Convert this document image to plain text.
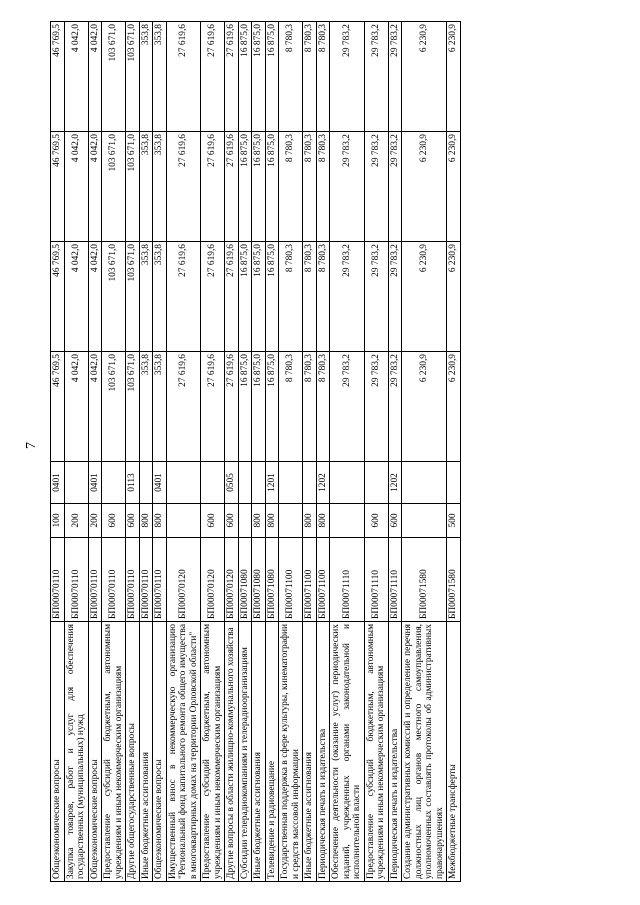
7
Общеэкономические вопросы	БП00070110	100	0401	46 769,5	46 769,5	46 769,5	46 769,5
Закупка товаров, работ и услуг для обеспечения государственных (муниципальных) нужд	БП00070110	200		4 042,0	4 042,0	4 042,0	4 042,0
Общеэкономические вопросы	БП00070110	200	0401	4 042,0	4 042,0	4 042,0	4 042,0
Предоставление субсидий бюджетным, автономным учреждениям и иным некоммерческим организациям	БП00070110	600		103 671,0	103 671,0	103 671,0	103 671,0
Другие общегосударственные вопросы	БП00070110	600	0113	103 671,0	103 671,0	103 671,0	103 671,0
Иные бюджетные ассигнования	БП00070110	800		353,8	353,8	353,8	353,8
Общеэкономические вопросы	БП00070110	800	0401	353,8	353,8	353,8	353,8
Имущественный взнос в некоммерческую организацию "Региональный фонд капитального ремонта общего имущества в многоквартирных домах на территории Орловской области"	БП00070120			27 619,6	27 619,6	27 619,6	27 619,6
Предоставление субсидий бюджетным, автономным учреждениям и иным некоммерческим организациям	БП00070120	600		27 619,6	27 619,6	27 619,6	27 619,6
Другие вопросы в области жилищно-коммунального хозяйства	БП00070120	600	0505	27 619,6	27 619,6	27 619,6	27 619,6
Субсидии телерадиокомпаниям и телерадиоорганизациям	БП00071080			16 875,0	16 875,0	16 875,0	16 875,0
Иные бюджетные ассигнования	БП00071080	800		16 875,0	16 875,0	16 875,0	16 875,0
Телевидение и радиовещание	БП00071080	800	1201	16 875,0	16 875,0	16 875,0	16 875,0
Государственная поддержка в сфере культуры, кинематографии и средств массовой информации	БП00071100			8 780,3	8 780,3	8 780,3	8 780,3
Иные бюджетные ассигнования	БП00071100	800		8 780,3	8 780,3	8 780,3	8 780,3
Периодическая печать и издательства	БП00071100	800	1202	8 780,3	8 780,3	8 780,3	8 780,3
Обеспечение деятельности (оказание услуг) периодических изданий, учрежденных органами законодательной и исполнительной власти	БП00071110			29 783,2	29 783,2	29 783,2	29 783,2
Предоставление субсидий бюджетным, автономным учреждениям и иным некоммерческим организациям	БП00071110	600		29 783,2	29 783,2	29 783,2	29 783,2
Периодическая печать и издательства	БП00071110	600	1202	29 783,2	29 783,2	29 783,2	29 783,2
Создание административных комиссий и определение перечня должностных лиц органов местного самоуправления, уполномоченных составлять протоколы об административных правонарушениях	БП00071580			6 230,9	6 230,9	6 230,9	6 230,9
Межбюджетные трансферты	БП00071580	500		6 230,9	6 230,9	6 230,9	6 230,9
